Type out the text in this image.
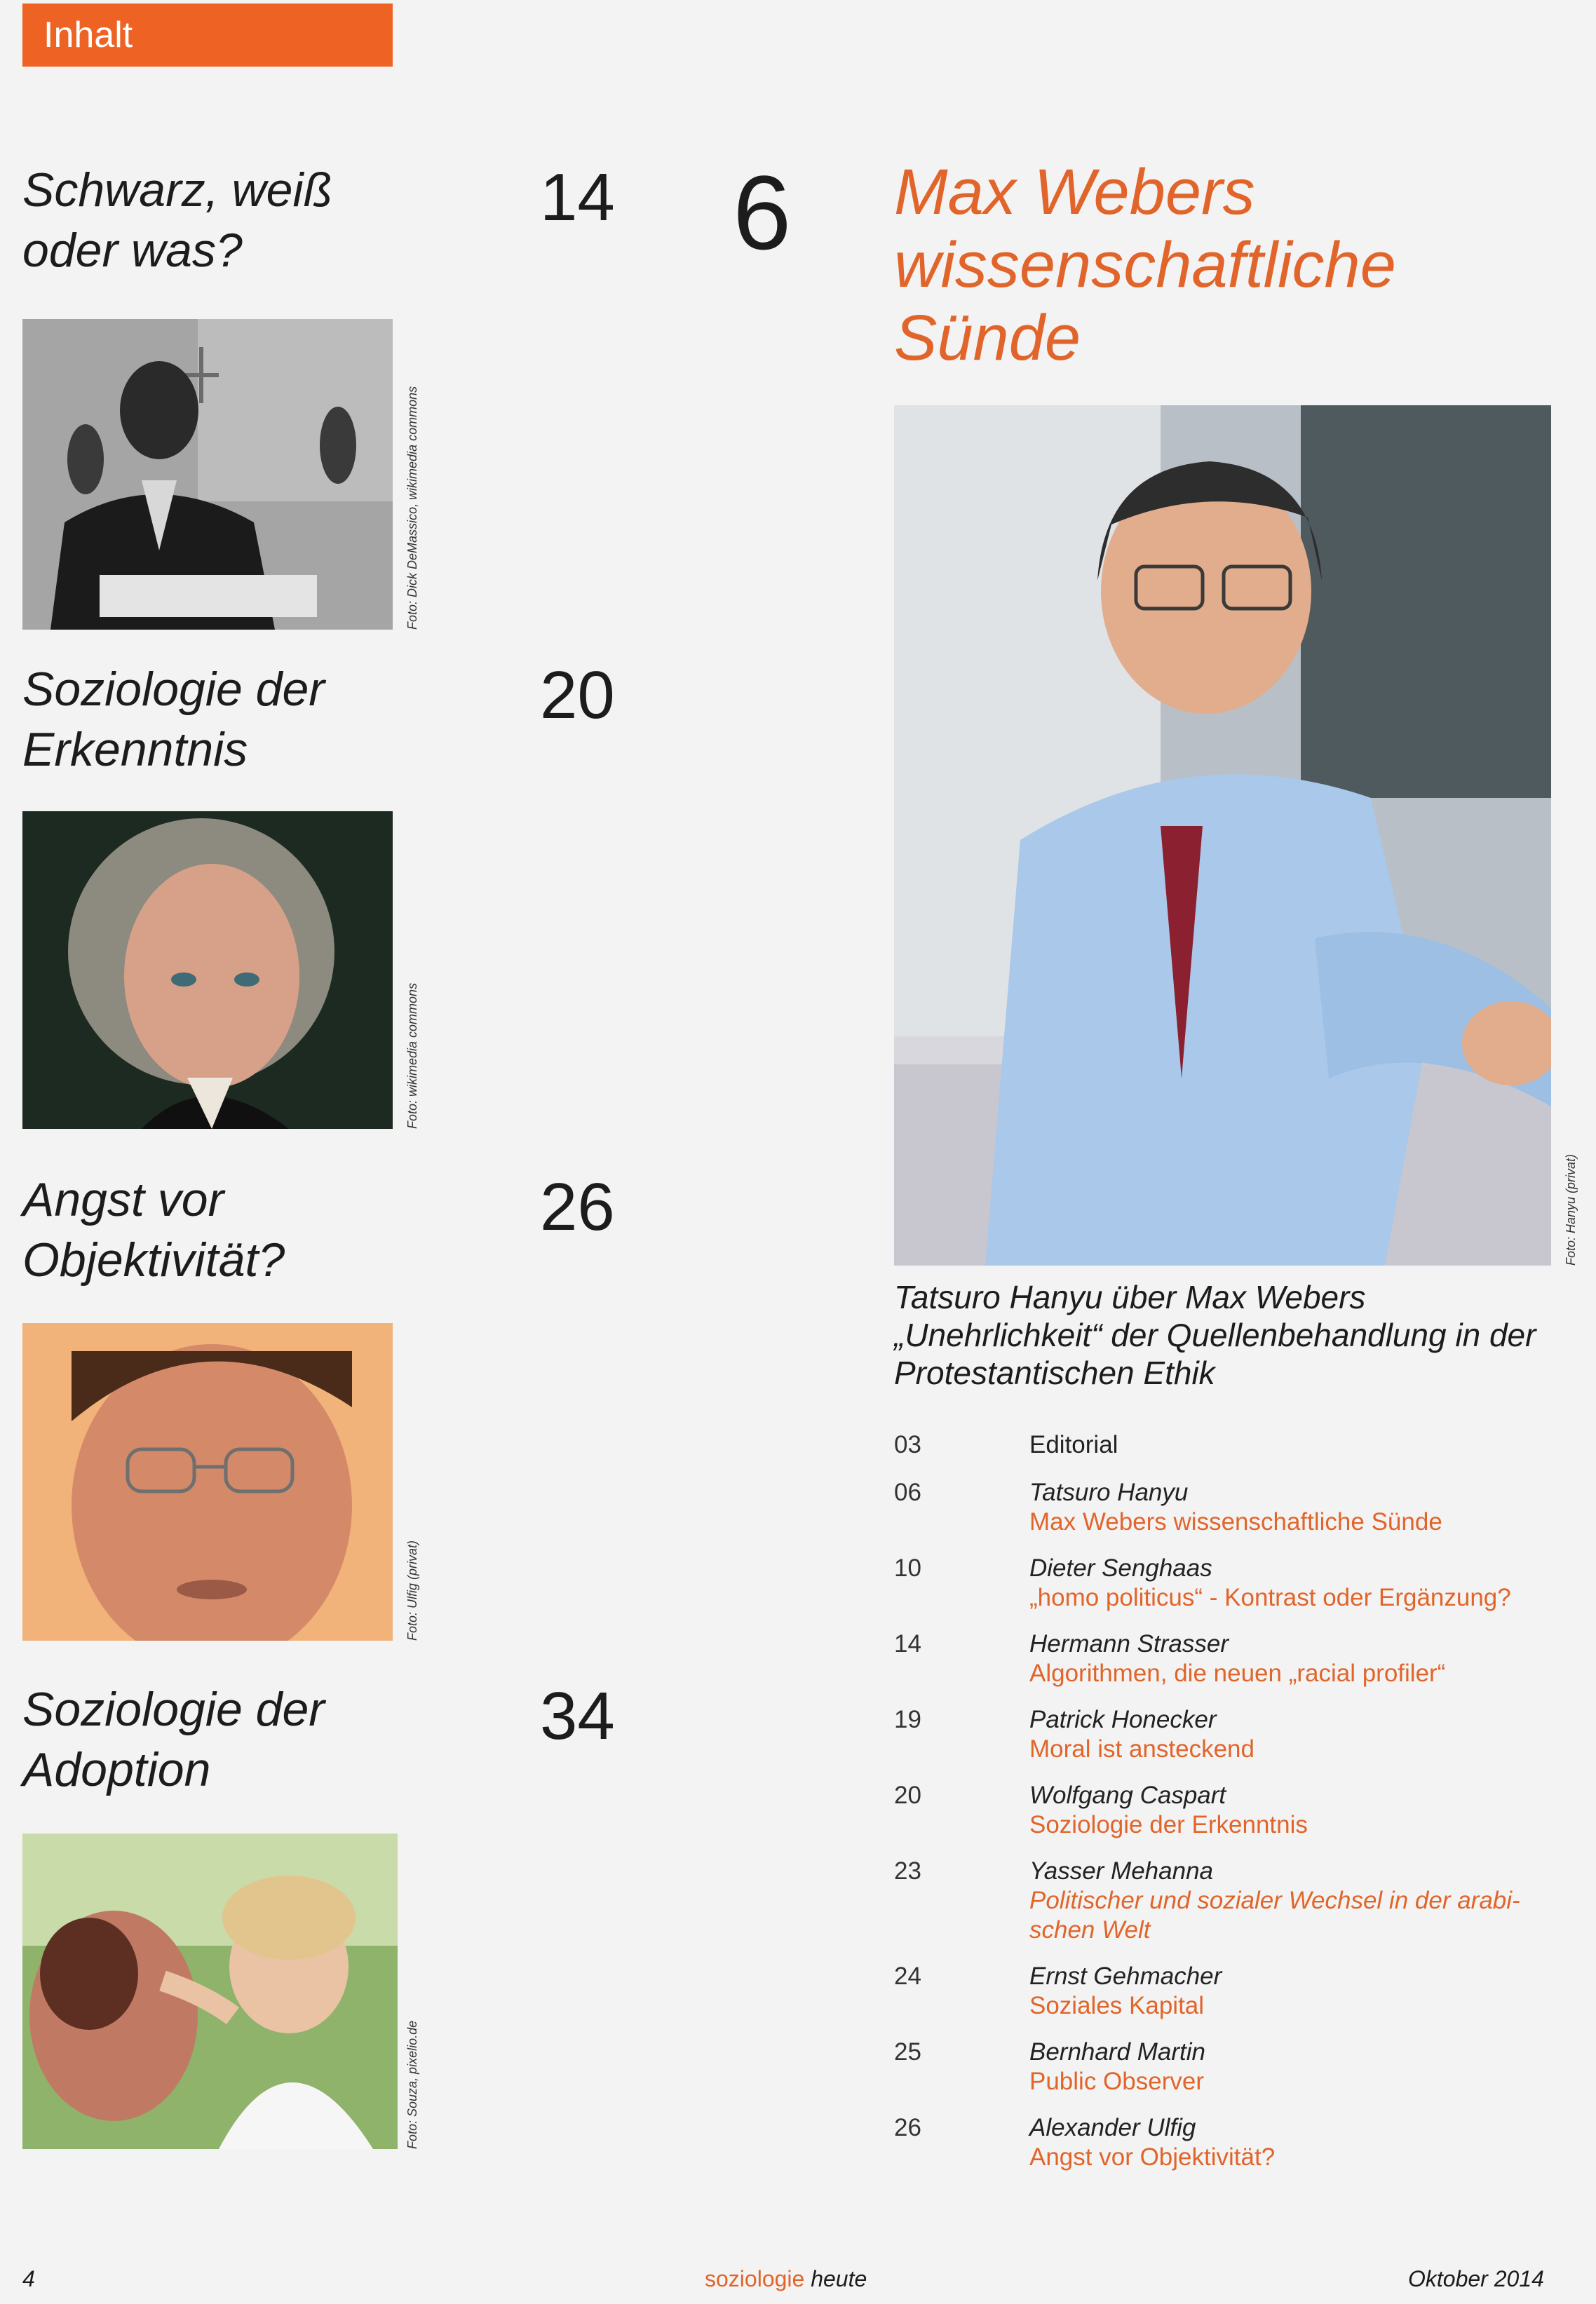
Inhalt
Schwarz, weiß
oder was?
14
Foto: Dick DeMassico, wikimedia commons
Soziologie der
Erkenntnis
20
Foto: wikimedia commons
Angst vor
Objektivität?
26
Foto: Ulfig (privat)
Soziologie der
Adoption
34
Foto: Souza, pixelio.de
6 Max Webers
wissenschaftliche
Sünde
Foto: Hanyu (privat)
Tatsuro Hanyu über Max Webers
„Unehrlichkeit“ der Quellenbehandlung in der
Protestantischen Ethik
03	Editorial
06	Tatsuro Hanyu
Max Webers wissenschaftliche Sünde
10	Dieter Senghaas
„homo politicus“ - Kontrast oder Ergänzung?
14	Hermann Strasser
Algorithmen, die neuen „racial profiler“
19	Patrick Honecker
Moral ist ansteckend
20	Wolfgang Caspart
Soziologie der Erkenntnis
23	Yasser Mehanna
Politischer und sozialer Wechsel in der arabi-
schen Welt
24	Ernst Gehmacher
Soziales Kapital
25	Bernhard Martin
Public Observer
26	Alexander Ulfig
Angst vor Objektivität?
4	soziologie heute	Oktober 2014
